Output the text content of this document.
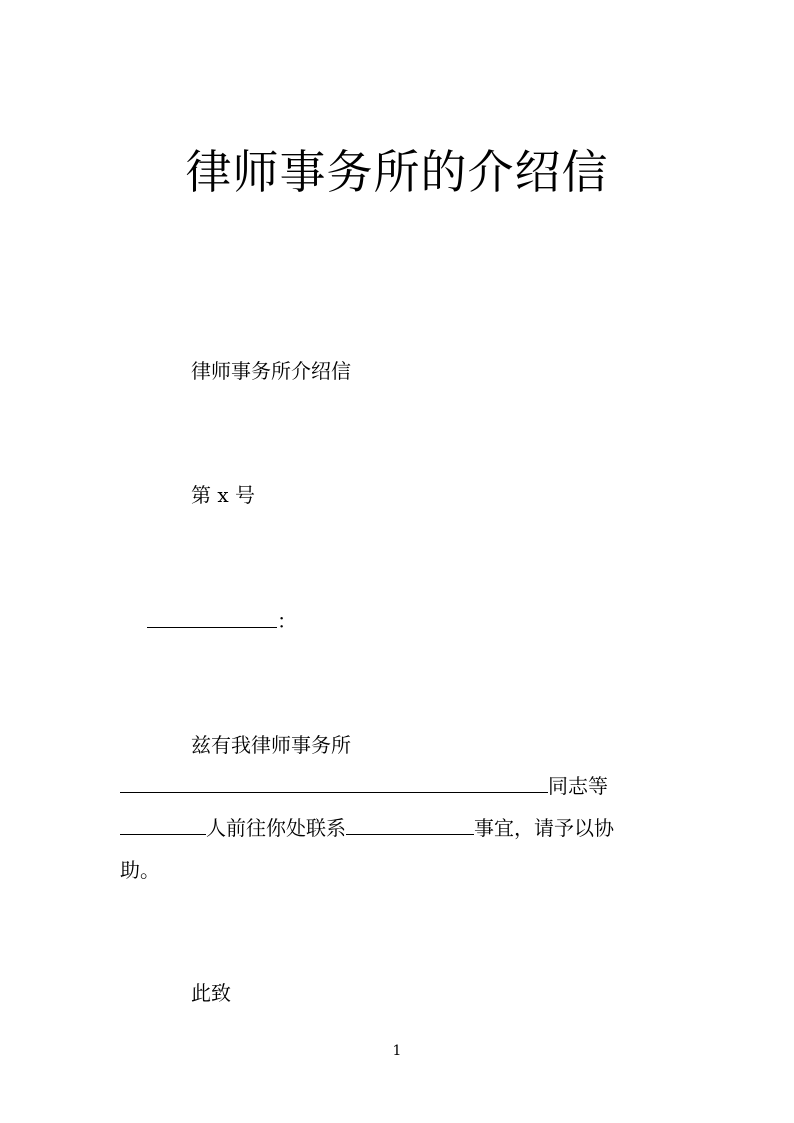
律师事务所的介绍信
律师事务所介绍信
第 x 号
：
兹有我律师事务所
同志等
人前往你处联系	事宜，请予以协
助。
此致
1
